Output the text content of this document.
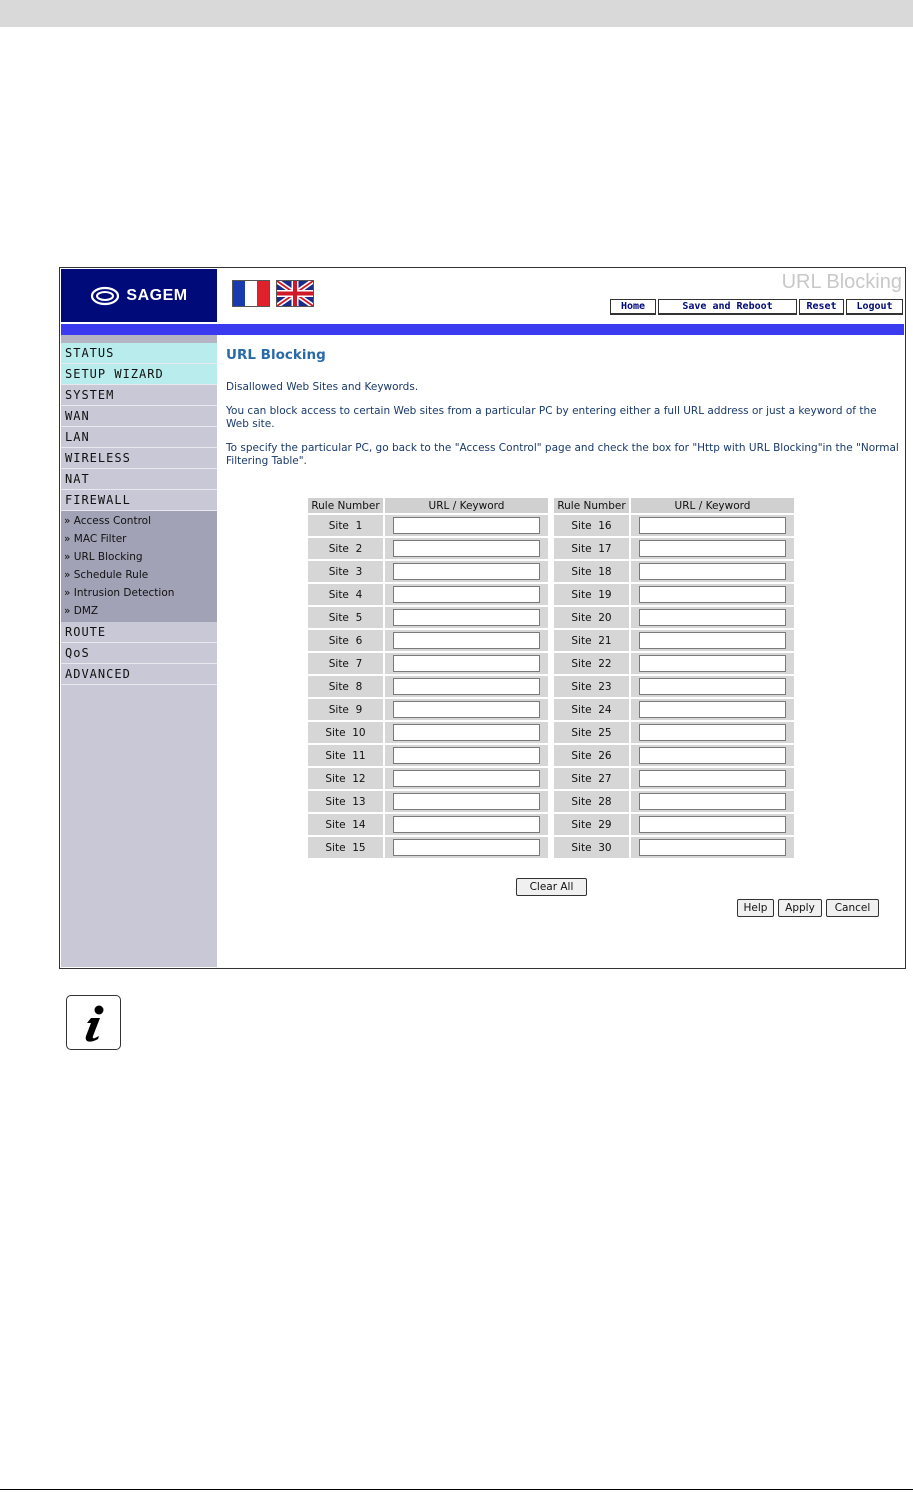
SAGEM
URL Blocking
Home	Save and Reboot	Reset	Logout
STATUS
SETUP WIZARD
SYSTEM
WAN
LAN
WIRELESS
NAT
FIREWALL
» Access Control
» MAC Filter
» URL Blocking
» Schedule Rule
» Intrusion Detection
» DMZ
ROUTE
QoS
ADVANCED
URL Blocking
Disallowed Web Sites and Keywords.
You can block access to certain Web sites from a particular PC by entering either a full URL address or just a keyword of the Web site.
To specify the particular PC, go back to the "Access Control" page and check the box for "Http with URL Blocking"in the "Normal Filtering Table".
Rule Number	URL / Keyword		Rule Number	URL / Keyword
Site  1			Site  16	
Site  2			Site  17	
Site  3			Site  18	
Site  4			Site  19	
Site  5			Site  20	
Site  6			Site  21	
Site  7			Site  22	
Site  8			Site  23	
Site  9			Site  24	
Site  10			Site  25	
Site  11			Site  26	
Site  12			Site  27	
Site  13			Site  28	
Site  14			Site  29	
Site  15			Site  30	
Clear All
Help	Apply	Cancel
